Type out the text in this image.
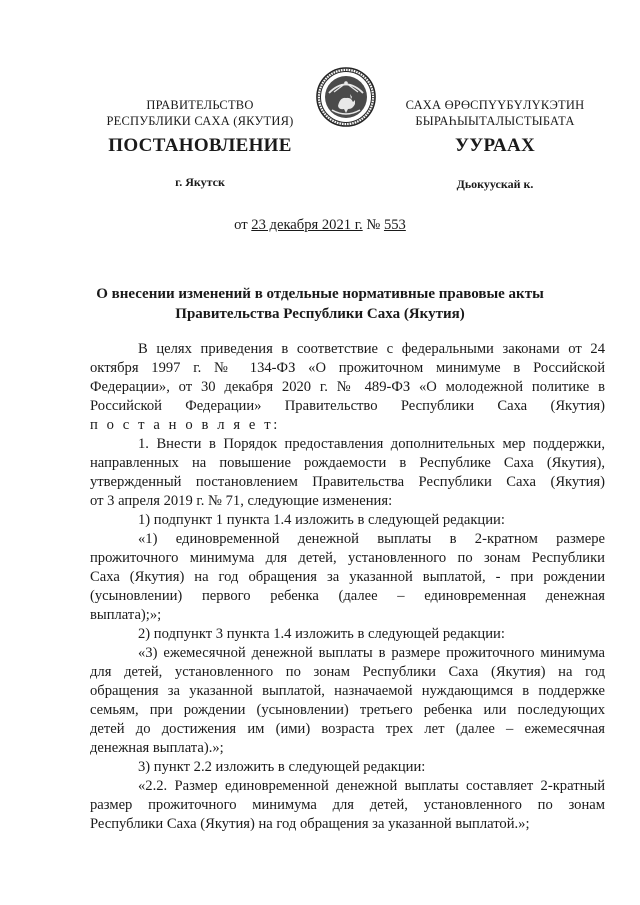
ПРАВИТЕЛЬСТВО
РЕСПУБЛИКИ САХА (ЯКУТИЯ)
САХА ӨРӨСПҮҮБҮЛҮКЭТИН
БЫРАҺЫЫТАЛЫСТЫБАТА
ПОСТАНОВЛЕНИЕ	УУРААХ
г. Якутск	Дьокуускай к.
от 23 декабря 2021 г. № 553
О внесении изменений в отдельные нормативные правовые акты
Правительства Республики Саха (Якутия)

В целях приведения в соответствие с федеральными законами от 24

октября 1997 г. № 134-ФЗ «О прожиточном минимуме в Российской

Федерации», от 30 декабря 2020 г. № 489-ФЗ «О молодежной политике в

Российской Федерации» Правительство Республики Саха (Якутия)

п о с т а н о в л я е т:

1. Внести в Порядок предоставления дополнительных мер поддержки,

направленных на повышение рождаемости в Республике Саха (Якутия),

утвержденный постановлением Правительства Республики Саха (Якутия)

от 3 апреля 2019 г. № 71, следующие изменения:

1) подпункт 1 пункта 1.4 изложить в следующей редакции:

«1) единовременной денежной выплаты в 2-кратном размере

прожиточного минимума для детей, установленного по зонам Республики

Саха (Якутия) на год обращения за указанной выплатой, - при рождении

(усыновлении) первого ребенка (далее – единовременная денежная

выплата);»;

2) подпункт 3 пункта 1.4 изложить в следующей редакции:

«3) ежемесячной денежной выплаты в размере прожиточного минимума

для детей, установленного по зонам Республики Саха (Якутия) на год

обращения за указанной выплатой, назначаемой нуждающимся в поддержке

семьям, при рождении (усыновлении) третьего ребенка или последующих

детей до достижения им (ими) возраста трех лет (далее – ежемесячная

денежная выплата).»;

3) пункт 2.2 изложить в следующей редакции:

«2.2. Размер единовременной денежной выплаты составляет 2-кратный

размер прожиточного минимума для детей, установленного по зонам

Республики Саха (Якутия) на год обращения за указанной выплатой.»;
